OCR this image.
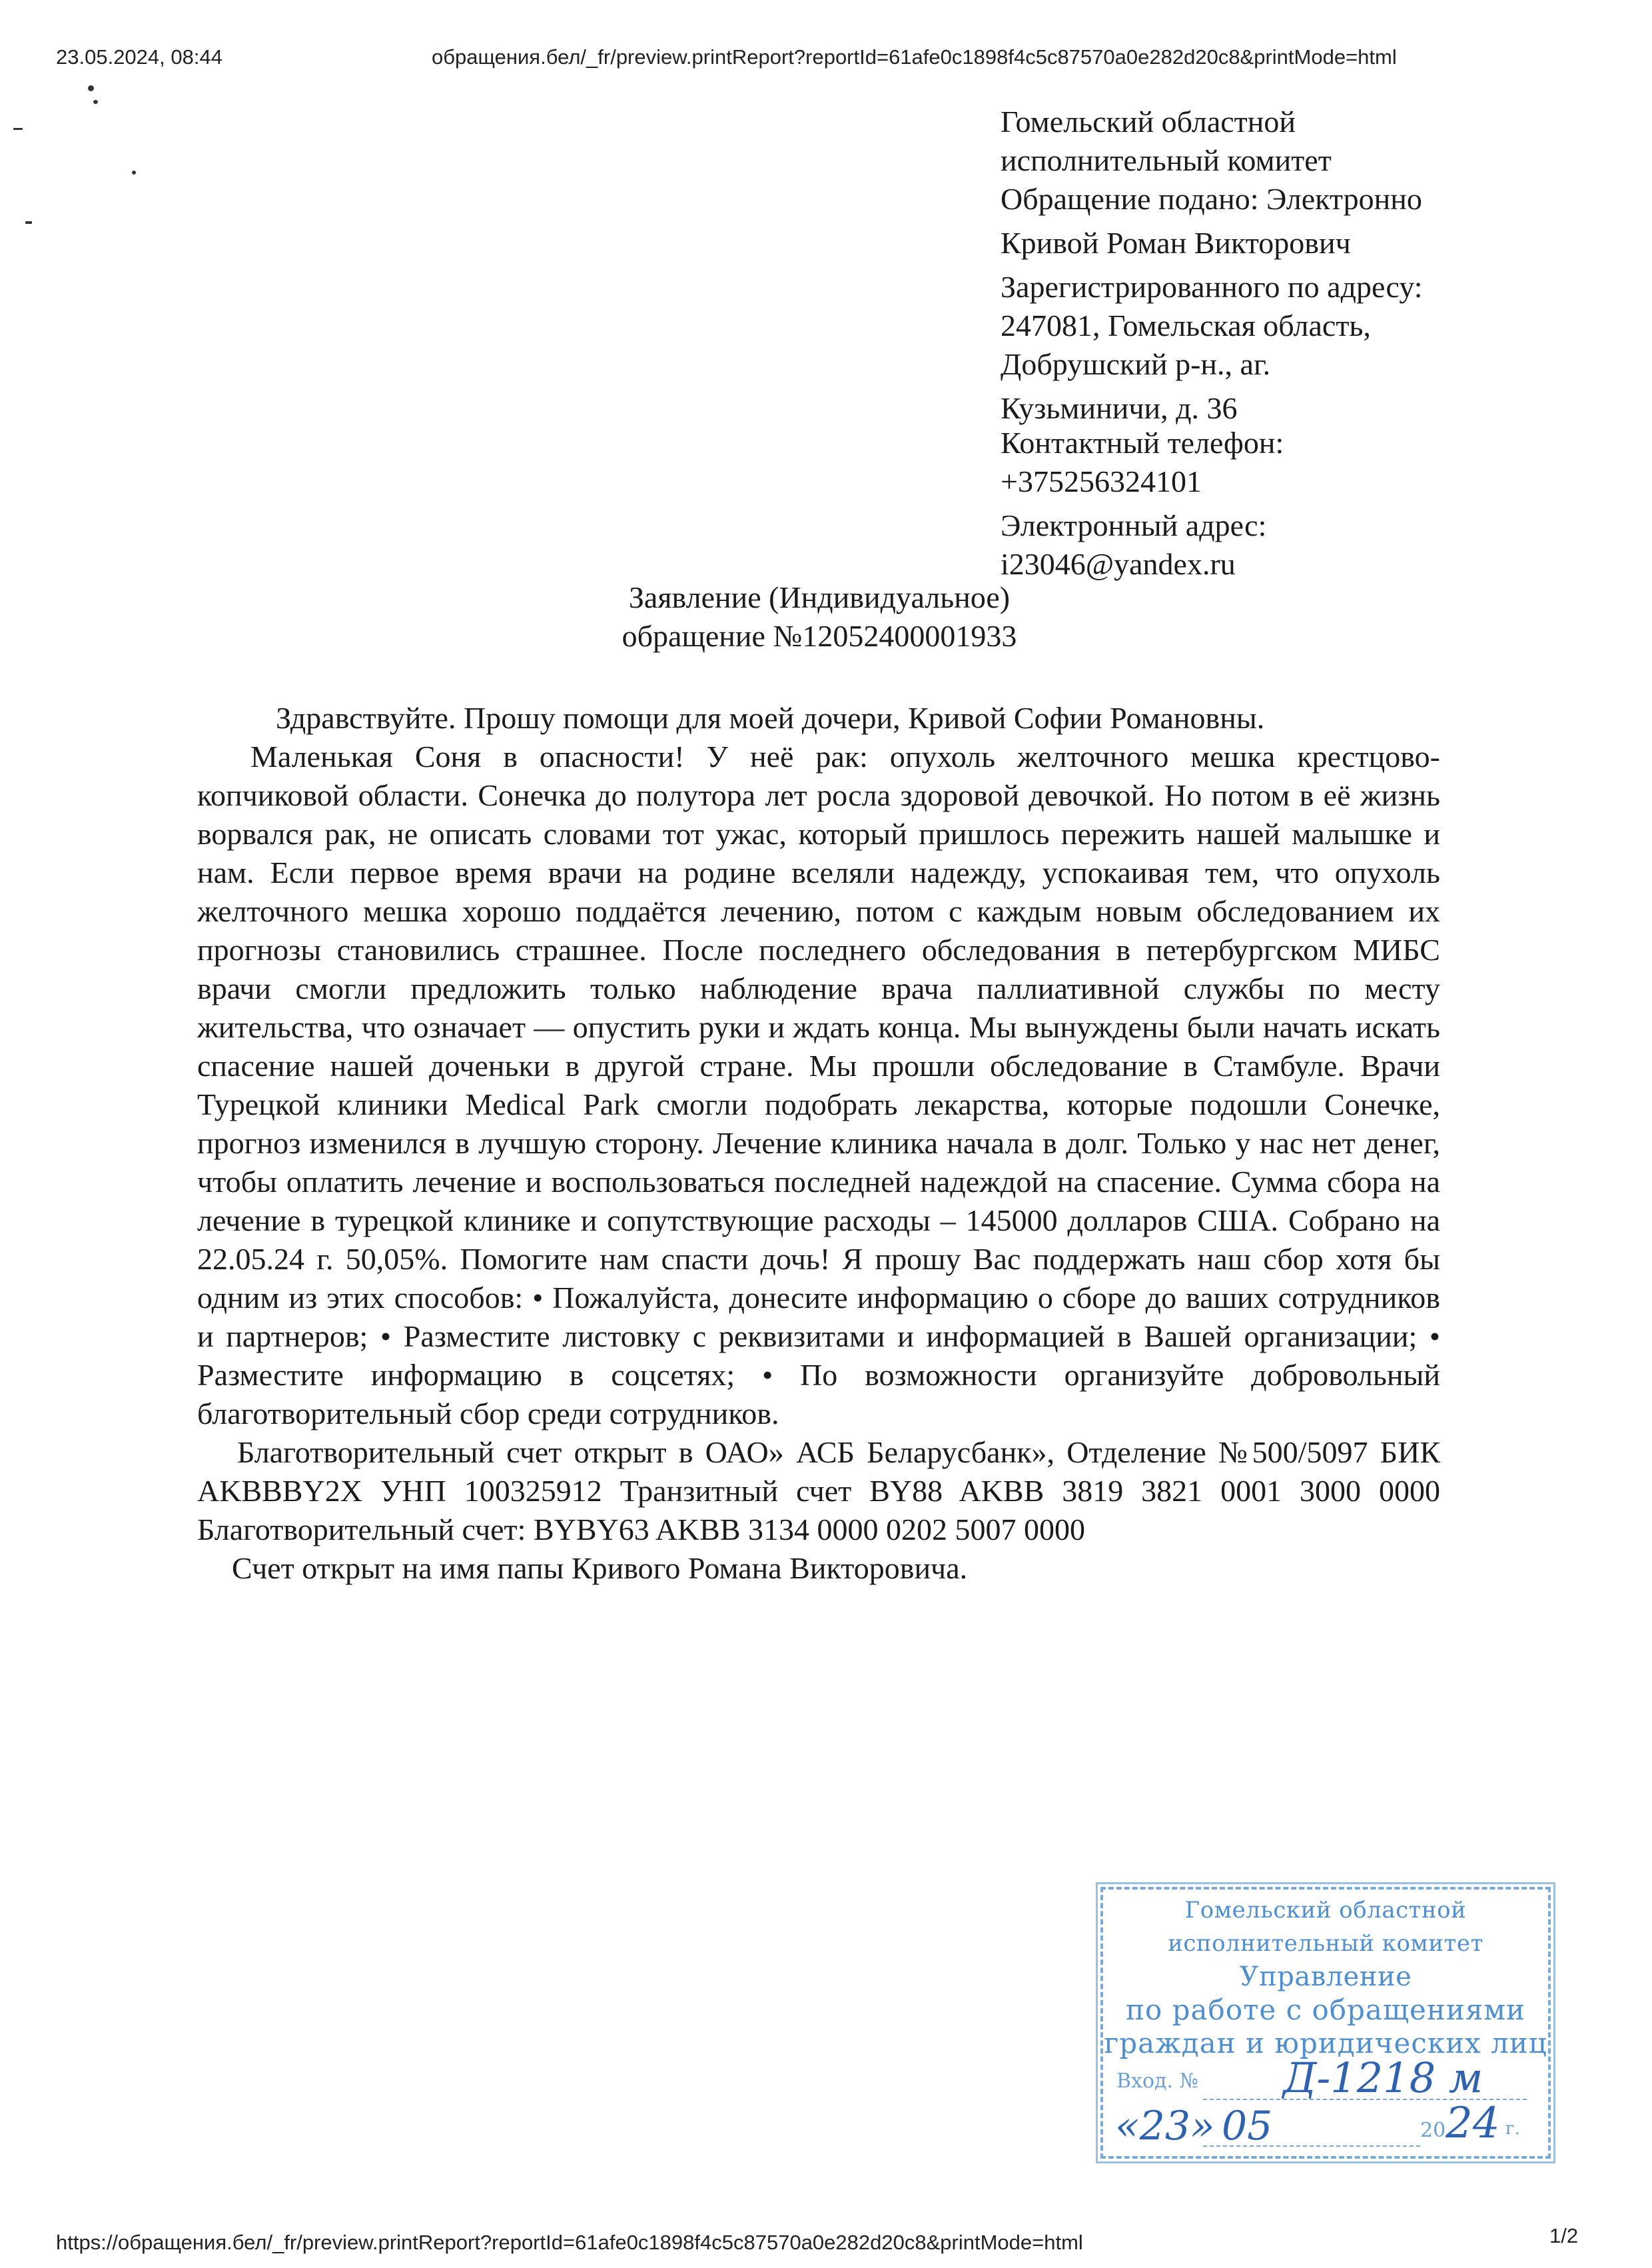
23.05.2024, 08:44	обращения.бел/_fr/preview.printReport?reportId=61afe0c1898f4c5c87570a0e282d20c8&printMode=html
Гомельский областной
исполнительный комитет
Обращение подано: Электронно
Кривой Роман Викторович
Зарегистрированного по адресу:
247081, Гомельская область,
Добрушский р-н., аг.
Кузьминичи, д. 36
Контактный телефон:
+375256324101
Электронный адрес:
i23046@yandex.ru
Заявление (Индивидуальное)
обращение №12052400001933

Здравствуйте. Прошу помощи для моей дочери, Кривой Софии Романовны.

Маленькая Соня в опасности! У неё рак: опухоль желточного мешка крестцово-копчиковой области. Сонечка до полутора лет росла здоровой девочкой. Но потом в её жизнь ворвался рак, не описать словами тот ужас, который пришлось пережить нашей малышке и нам. Если первое время врачи на родине вселяли надежду, успокаивая тем, что опухоль желточного мешка хорошо поддаётся лечению, потом с каждым новым обследованием их прогнозы становились страшнее. После последнего обследования в петербургском МИБС врачи смогли предложить только наблюдение врача паллиативной службы по месту жительства, что означает — опустить руки и ждать конца. Мы вынуждены были начать искать спасение нашей доченьки в другой стране. Мы прошли обследование в Стамбуле. Врачи Турецкой клиники Medical Park смогли подобрать лекарства, которые подошли Сонечке, прогноз изменился в лучшую сторону. Лечение клиника начала в долг. Только у нас нет денег, чтобы оплатить лечение и воспользоваться последней надеждой на спасение. Сумма сбора на лечение в турецкой клинике и сопутствующие расходы – 145000 долларов США. Собрано на 22.05.24 г. 50,05%. Помогите нам спасти дочь! Я прошу Вас поддержать наш сбор хотя бы одним из этих способов: • Пожалуйста, донесите информацию о сборе до ваших сотрудников и партнеров; • Разместите листовку с реквизитами и информацией в Вашей организации; • Разместите информацию в соцсетях; • По возможности организуйте добровольный благотворительный сбор среди сотрудников.

Благотворительный счет открыт в ОАО» АСБ Беларусбанк», Отделение №500/5097 БИК AKBBBY2X УНП 100325912 Транзитный счет BY88 AKBB 3819 3821 0001 3000 0000 Благотворительный счет: BYBY63 AKBB 3134 0000 0202 5007 0000

Счет открыт на имя папы Кривого Романа Викторовича.

Гомельский областной
исполнительный комитет
Управление
по работе с обращениями
граждан и юридических лиц
Вход. № Д-1218 м
«23» 05	20 24 г.
https://обращения.бел/_fr/preview.printReport?reportId=61afe0c1898f4c5c87570a0e282d20c8&printMode=html	1/2
